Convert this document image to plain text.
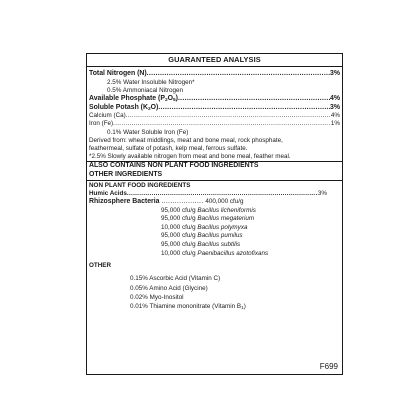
GUARANTEED ANALYSIS
Total Nitrogen (N) .....	3%
2.5% Water Insoluble Nitrogen*
0.5% Ammoniacal Nitrogen
Available Phosphate $(P_2O_5)$ .....	4%
Soluble Potash $(K_2O)$ .....	3%
Calcium (Ca) .....	4%
Iron (Fe) .....	1%
0.1% Water Soluble Iron (Fe)
Derived from: wheat middlings, meat and bone meal, rock phosphate,
feathermeal, sulfate of potash, kelp meal, ferrous sulfate.
*2.5% Slowly available nitrogen from meat and bone meal, feather meal.
ALSO CONTAINS NON PLANT FOOD INGREDIENTS
OTHER INGREDIENTS
NON PLANT FOOD INGREDIENTS
Humic Acids .....	3%
Rhizosphere Bacteria ................... 400,000 cfu/g
95,000 cfu/g Bacillus licheniformis
95,000 cfu/g Bacillus megaterium
10,000 cfu/g Bacillus polymyxa
95,000 cfu/g Bacillus pumilus
95,000 cfu/g Bacillus subtilis
10,000 cfu/g Paenibacillus azotofixans
OTHER
0.15% Ascorbic Acid (Vitamin C)
0.05% Amino Acid (Glycine)
0.02% Myo-Inositol
0.01% Thiamine mononitrate (Vitamin $B_1$)
F699
